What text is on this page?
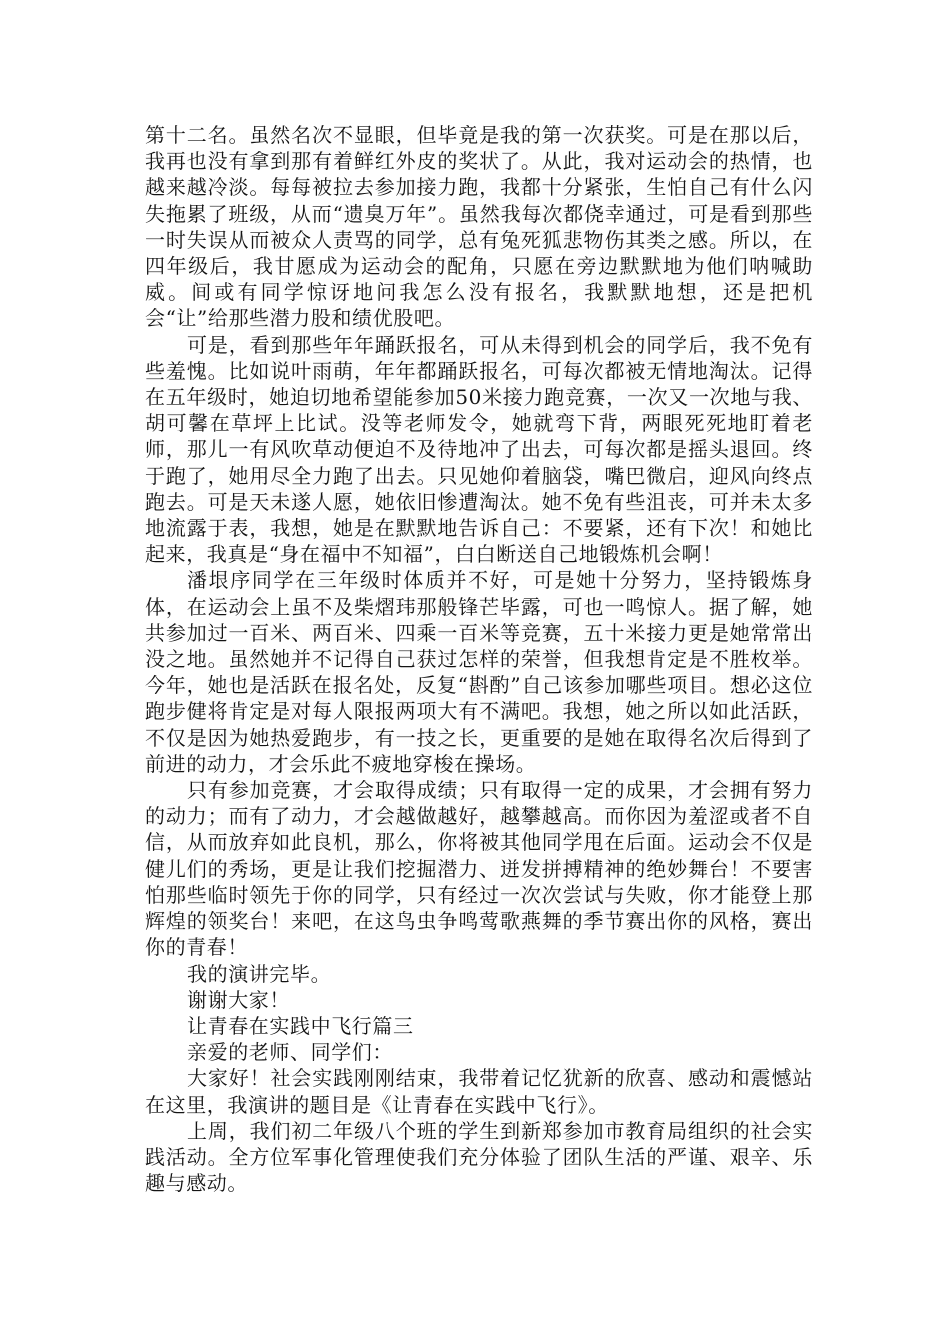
第十二名。虽然名次不显眼，但毕竟是我的第一次获奖。可是在那以后，我再也没有拿到那有着鲜红外皮的奖状了。从此，我对运动会的热情，也越来越冷淡。每每被拉去参加接力跑，我都十分紧张，生怕自己有什么闪失拖累了班级，从而“遗臭万年”。虽然我每次都侥幸通过，可是看到那些一时失误从而被众人责骂的同学，总有兔死狐悲物伤其类之感。所以，在四年级后，我甘愿成为运动会的配角，只愿在旁边默默地为他们呐喊助威。间或有同学惊讶地问我怎么没有报名，我默默地想，还是把机会“让”给那些潜力股和绩优股吧。

可是，看到那些年年踊跃报名，可从未得到机会的同学后，我不免有些羞愧。比如说叶雨萌，年年都踊跃报名，可每次都被无情地淘汰。记得在五年级时，她迫切地希望能参加50米接力跑竞赛，一次又一次地与我、胡可馨在草坪上比试。没等老师发令，她就弯下背，两眼死死地盯着老师，那儿一有风吹草动便迫不及待地冲了出去，可每次都是摇头退回。终于跑了，她用尽全力跑了出去。只见她仰着脑袋，嘴巴微启，迎风向终点跑去。可是天未遂人愿，她依旧惨遭淘汰。她不免有些沮丧，可并未太多地流露于表，我想，她是在默默地告诉自己：不要紧，还有下次！和她比起来，我真是“身在福中不知福”，白白断送自己地锻炼机会啊！

潘垠序同学在三年级时体质并不好，可是她十分努力，坚持锻炼身体，在运动会上虽不及柴熠玮那般锋芒毕露，可也一鸣惊人。据了解，她共参加过一百米、两百米、四乘一百米等竞赛，五十米接力更是她常常出没之地。虽然她并不记得自己获过怎样的荣誉，但我想肯定是不胜枚举。今年，她也是活跃在报名处，反复“斟酌”自己该参加哪些项目。想必这位跑步健将肯定是对每人限报两项大有不满吧。我想，她之所以如此活跃，不仅是因为她热爱跑步，有一技之长，更重要的是她在取得名次后得到了前进的动力，才会乐此不疲地穿梭在操场。

只有参加竞赛，才会取得成绩；只有取得一定的成果，才会拥有努力的动力；而有了动力，才会越做越好，越攀越高。而你因为羞涩或者不自信，从而放弃如此良机，那么，你将被其他同学甩在后面。运动会不仅是健儿们的秀场，更是让我们挖掘潜力、迸发拼搏精神的绝妙舞台！不要害怕那些临时领先于你的同学，只有经过一次次尝试与失败，你才能登上那辉煌的领奖台！来吧，在这鸟虫争鸣莺歌燕舞的季节赛出你的风格，赛出你的青春！

我的演讲完毕。

谢谢大家！

让青春在实践中飞行篇三

亲爱的老师、同学们：

大家好！社会实践刚刚结束，我带着记忆犹新的欣喜、感动和震憾站在这里，我演讲的题目是《让青春在实践中飞行》。

上周，我们初二年级八个班的学生到新郑参加市教育局组织的社会实践活动。全方位军事化管理使我们充分体验了团队生活的严谨、艰辛、乐趣与感动。
